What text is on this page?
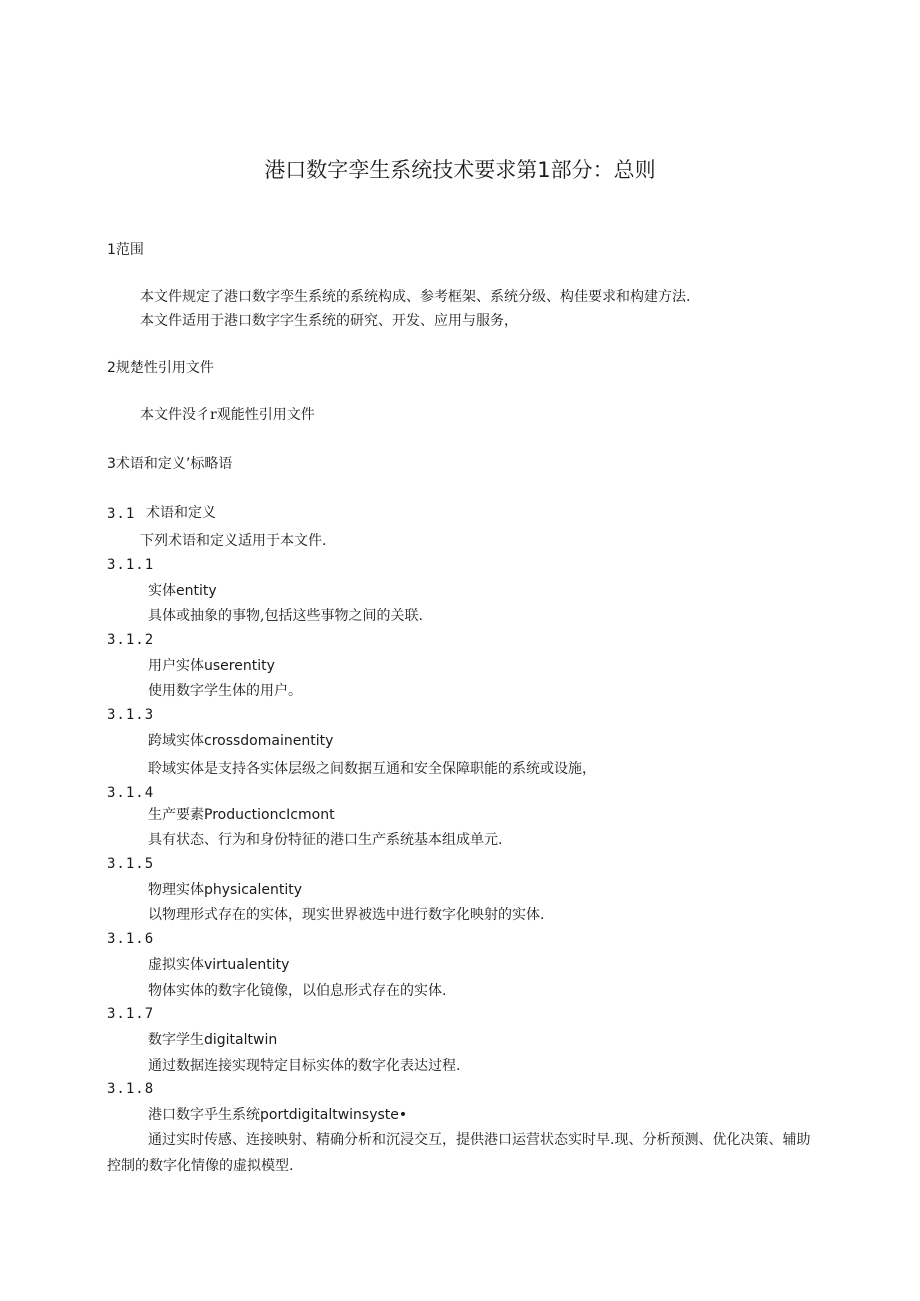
港口数字孪生系统技术要求第1部分：总则
1范围
本文件规定了港口数字孪生系统的系统构成、参考框架、系统分级、构佳要求和构建方法.
本文件适用于港口数字字生系统的研究、开发、应用与服务，
2规楚性引用文件
本文件没彳r观能性引用文件
3术语和定义’标略语
3.1 术语和定义
下列术语和定义适用于本文件.
3.1.1
实体entity
具体或抽象的事物,包括这些事物之间的关联.
3.1.2
用户实体userentity
使用数字学生体的用户。
3.1.3
跨域实体crossdomainentity
聆域实体是支持各实体层级之间数据互通和安全保障职能的系统或设施，
3.1.4
生产要素ProductioncIcmont
具有状态、行为和身份特征的港口生产系统基本组成单元.
3.1.5
物理实体physicalentity
以物理形式存在的实体，现实世界被选中进行数字化映射的实体.
3.1.6
虚拟实体virtualentity
物体实体的数字化镜像，以伯息形式存在的实体.
3.1.7
数字学生digitaltwin
通过数据连接实现特定目标实体的数字化表达过程.
3.1.8
港口数字乎生系统portdigitaltwinsyste•
通过实时传感、连接映射、精确分析和沉浸交互，提供港口运营状态实时早.现、分析预测、优化决策、辅助控制的数字化情像的虚拟模型.
